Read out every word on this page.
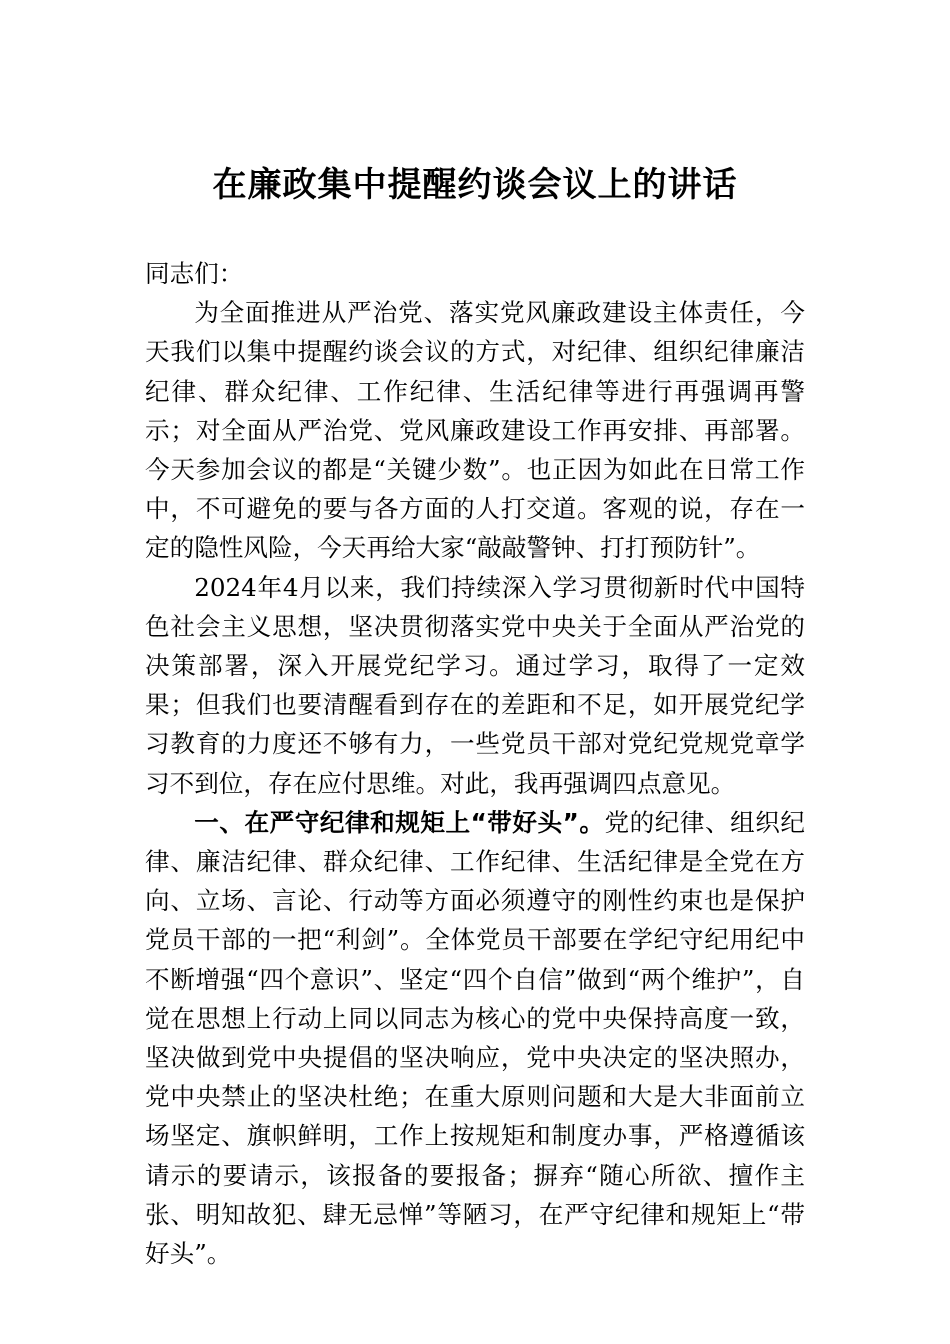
在廉政集中提醒约谈会议上的讲话

同志们：

为全面推进从严治党、落实党风廉政建设主体责任，今天我们以集中提醒约谈会议的方式，对纪律、组织纪律廉洁纪律、群众纪律、工作纪律、生活纪律等进行再强调再警示；对全面从严治党、党风廉政建设工作再安排、再部署。今天参加会议的都是“关键少数”。也正因为如此在日常工作中，不可避免的要与各方面的人打交道。客观的说，存在一定的隐性风险，今天再给大家“敲敲警钟、打打预防针”。

2024年4月以来，我们持续深入学习贯彻新时代中国特色社会主义思想，坚决贯彻落实党中央关于全面从严治党的决策部署，深入开展党纪学习。通过学习，取得了一定效果；但我们也要清醒看到存在的差距和不足，如开展党纪学习教育的力度还不够有力，一些党员干部对党纪党规党章学习不到位，存在应付思维。对此，我再强调四点意见。

一、在严守纪律和规矩上“带好头”。党的纪律、组织纪律、廉洁纪律、群众纪律、工作纪律、生活纪律是全党在方向、立场、言论、行动等方面必须遵守的刚性约束也是保护党员干部的一把“利剑”。全体党员干部要在学纪守纪用纪中不断增强“四个意识”、坚定“四个自信”做到“两个维护”，自觉在思想上行动上同以同志为核心的党中央保持高度一致，坚决做到党中央提倡的坚决响应，党中央决定的坚决照办，党中央禁止的坚决杜绝；在重大原则问题和大是大非面前立场坚定、旗帜鲜明，工作上按规矩和制度办事，严格遵循该请示的要请示，该报备的要报备；摒弃“随心所欲、擅作主张、明知故犯、肆无忌惮”等陋习，在严守纪律和规矩上“带好头”。
